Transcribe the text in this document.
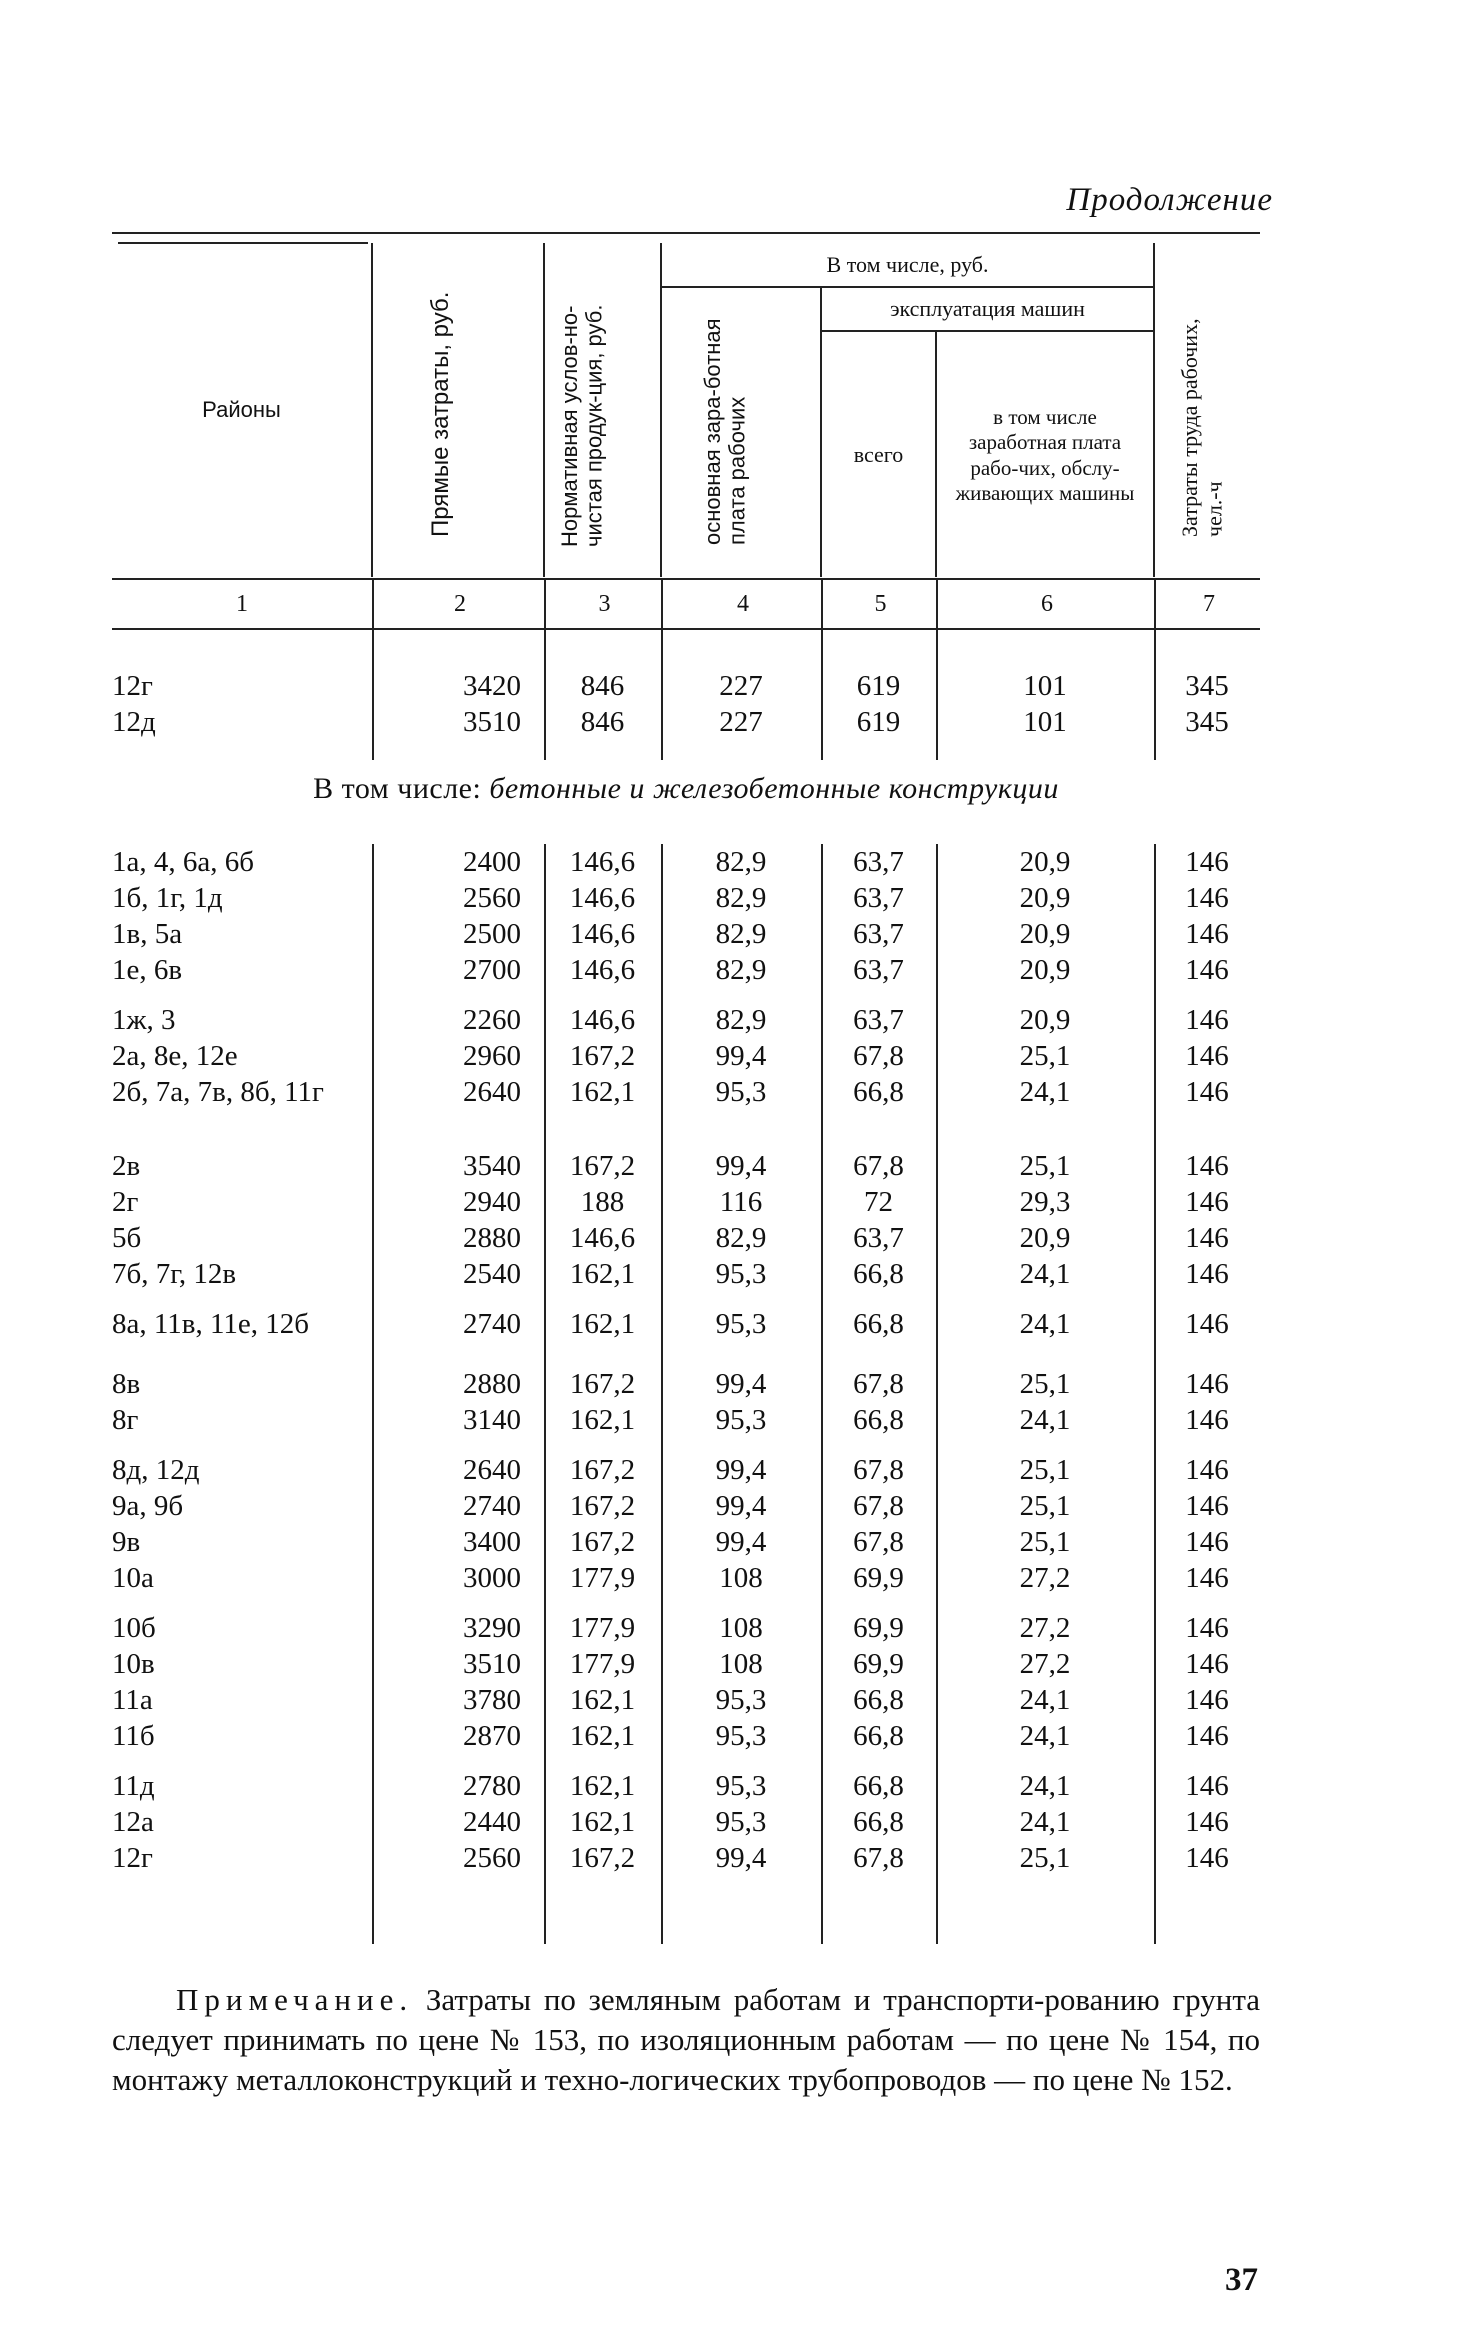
Продолжение
Районы	Прямые затраты, руб.	Нормативная услов-но-чистая продук-ция, руб.	В том числе, руб.			Затраты труда рабочих, чел.-ч
			основная зара-ботная плата рабочих	эксплуатация машин		
				всего	в том числе заработная плата рабо-чих, обслу-живающих машины	
1	2	3	4	5	6	7
12г	3420	846	227	619	101	345
12д	3510	846	227	619	101	345
В том числе: бетонные и железобетонные конструкции
1а, 4, 6а, 6б	2400	146,6	82,9	63,7	20,9	146
1б, 1г, 1д	2560	146,6	82,9	63,7	20,9	146
1в, 5а	2500	146,6	82,9	63,7	20,9	146
1е, 6в	2700	146,6	82,9	63,7	20,9	146
1ж, 3	2260	146,6	82,9	63,7	20,9	146
2а, 8е, 12е	2960	167,2	99,4	67,8	25,1	146
2б, 7а, 7в, 8б, 11г	2640	162,1	95,3	66,8	24,1	146
2в	3540	167,2	99,4	67,8	25,1	146
2г	2940	188	116	72	29,3	146
5б	2880	146,6	82,9	63,7	20,9	146
7б, 7г, 12в	2540	162,1	95,3	66,8	24,1	146
8а, 11в, 11е, 12б	2740	162,1	95,3	66,8	24,1	146
8в	2880	167,2	99,4	67,8	25,1	146
8г	3140	162,1	95,3	66,8	24,1	146
8д, 12д	2640	167,2	99,4	67,8	25,1	146
9а, 9б	2740	167,2	99,4	67,8	25,1	146
9в	3400	167,2	99,4	67,8	25,1	146
10а	3000	177,9	108	69,9	27,2	146
10б	3290	177,9	108	69,9	27,2	146
10в	3510	177,9	108	69,9	27,2	146
11а	3780	162,1	95,3	66,8	24,1	146
11б	2870	162,1	95,3	66,8	24,1	146
11д	2780	162,1	95,3	66,8	24,1	146
12а	2440	162,1	95,3	66,8	24,1	146
12г	2560	167,2	99,4	67,8	25,1	146
Примечание. Затраты по земляным работам и транспорти-рованию грунта следует принимать по цене № 153, по изоляционным работам — по цене № 154, по монтажу металлоконструкций и техно-логических трубопроводов — по цене № 152.
37
